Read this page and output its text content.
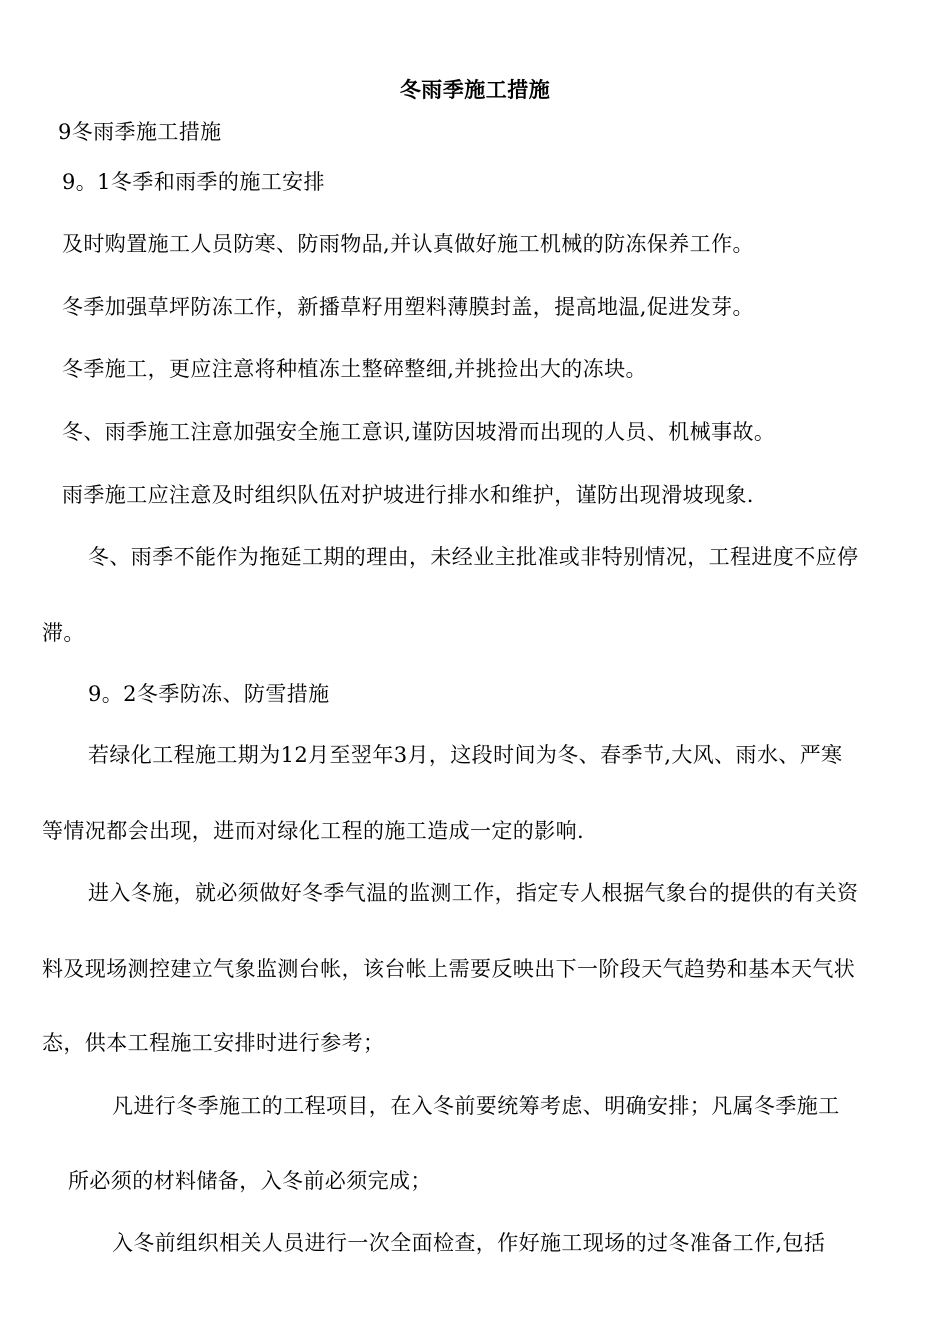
冬雨季施工措施
9冬雨季施工措施
9。1冬季和雨季的施工安排
及时购置施工人员防寒、防雨物品,并认真做好施工机械的防冻保养工作。
冬季加强草坪防冻工作，新播草籽用塑料薄膜封盖，提高地温,促进发芽。
冬季施工，更应注意将种植冻土整碎整细,并挑捡出大的冻块。
冬、雨季施工注意加强安全施工意识,谨防因坡滑而出现的人员、机械事故。
雨季施工应注意及时组织队伍对护坡进行排水和维护，谨防出现滑坡现象.
冬、雨季不能作为拖延工期的理由，未经业主批准或非特别情况，工程进度不应停
滞。
9。2冬季防冻、防雪措施
若绿化工程施工期为12月至翌年3月，这段时间为冬、春季节,大风、雨水、严寒
等情况都会出现，进而对绿化工程的施工造成一定的影响.
进入冬施，就必须做好冬季气温的监测工作，指定专人根据气象台的提供的有关资
料及现场测控建立气象监测台帐，该台帐上需要反映出下一阶段天气趋势和基本天气状
态，供本工程施工安排时进行参考；
凡进行冬季施工的工程项目，在入冬前要统筹考虑、明确安排；凡属冬季施工
所必须的材料储备，入冬前必须完成；
入冬前组织相关人员进行一次全面检查，作好施工现场的过冬准备工作,包括
